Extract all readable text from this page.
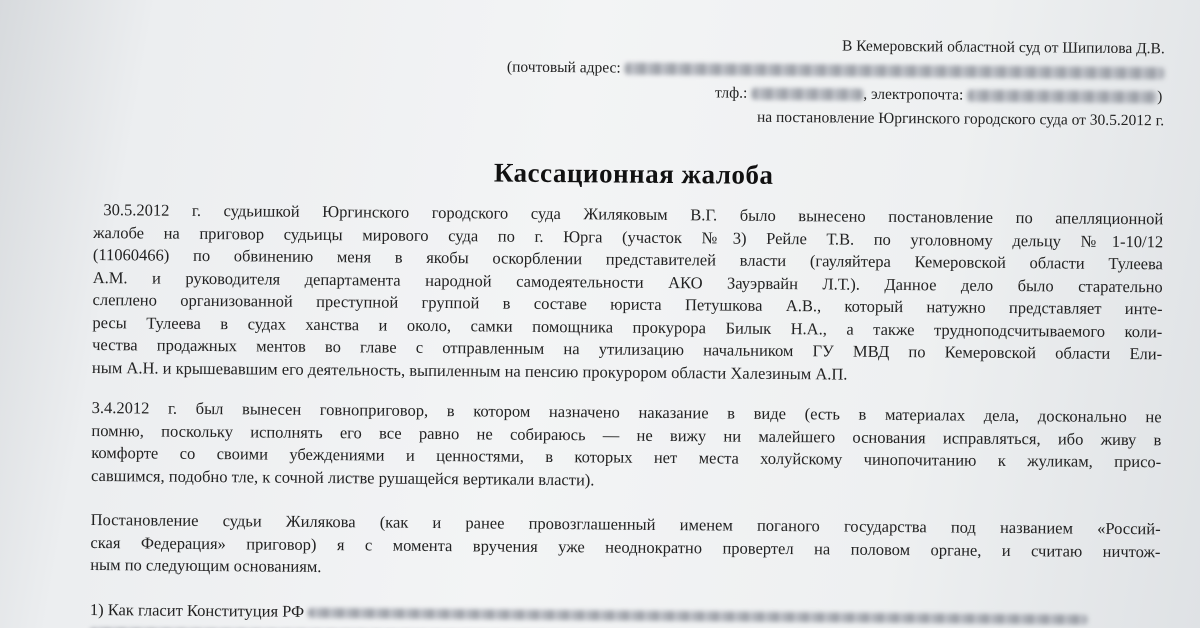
В Кемеровский областной суд от Шипилова Д.В.
(почтовый адрес:
тлф.:	, электропочта:	)
на постановление Юргинского городского суда от 30.5.2012 г.
Кассационная жалоба
30.5.2012 г. судьишкой Юргинского городского суда Жиляковым В.Г. было вынесено постановление по апелляционной
жалобе на приговор судьицы мирового суда по г. Юрга (участок №3) Рейле Т.В. по уголовному дельцу №1-10/12
(11060466) по обвинению меня в якобы оскорблении представителей власти (гауляйтера Кемеровской области Тулеева
А.М. и руководителя департамента народной самодеятельности АКО Зауэрвайн Л.Т.). Данное дело было старательно
слеплено организованной преступной группой в составе юриста Петушкова А.В., который натужно представляет инте-
ресы Тулеева в судах ханства и около, самки помощника прокурора Билык Н.А., а также трудноподсчитываемого коли-
чества продажных ментов во главе с отправленным на утилизацию начальником ГУ МВД по Кемеровской области Ели-
ным А.Н. и крышевавшим его деятельность, выпиленным на пенсию прокурором области Халезиным А.П.
3.4.2012 г. был вынесен говноприговор, в котором назначено наказание в виде (есть в материалах дела, досконально не
помню, поскольку исполнять его все равно не собираюсь — не вижу ни малейшего основания исправляться, ибо живу в
комфорте со своими убеждениями и ценностями, в которых нет места холуйскому чинопочитанию к жуликам, присо-
савшимся, подобно тле, к сочной листве рушащейся вертикали власти).
Постановление судьи Жилякова (как и ранее провозглашенный именем поганого государства под названием «Россий-
ская Федерация» приговор) я с момента вручения уже неоднократно провертел на половом органе, и считаю ничтож-
ным по следующим основаниям.
1) Как гласит Конституция РФ
